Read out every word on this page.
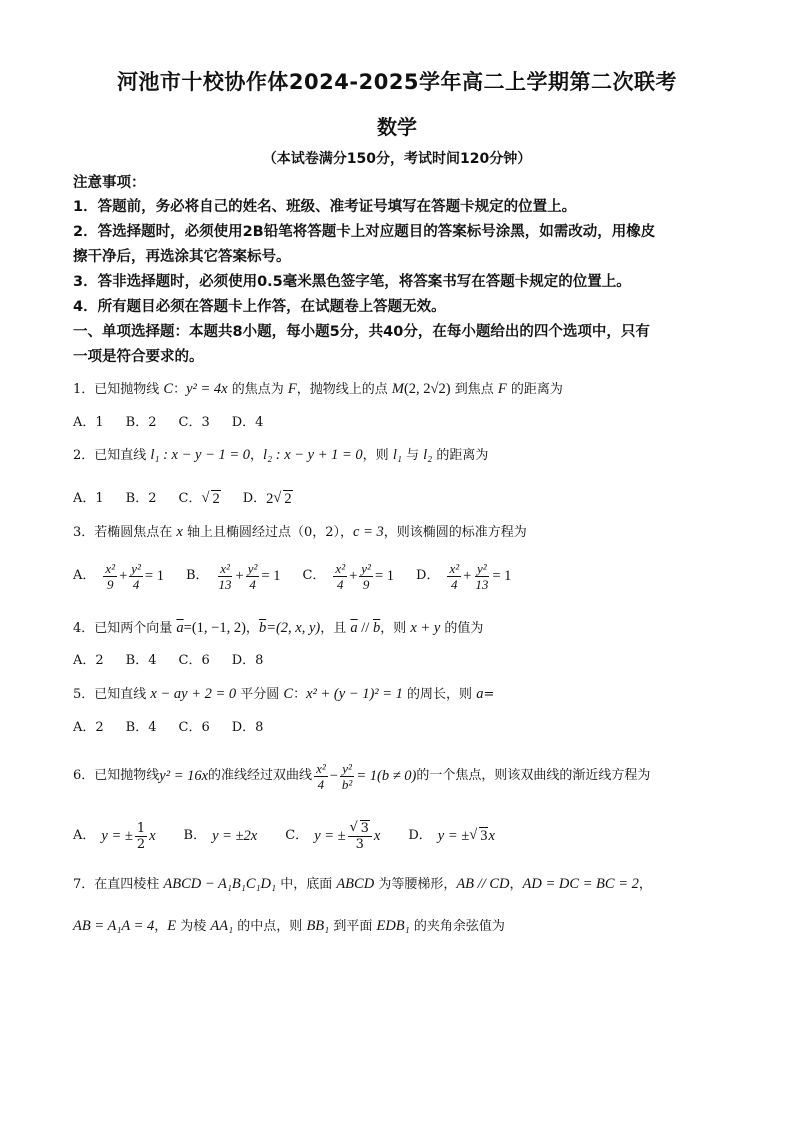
河池市十校协作体2024-2025学年高二上学期第二次联考
数学
（本试卷满分150分，考试时间120分钟）
注意事项：
1．答题前，务必将自己的姓名、班级、准考证号填写在答题卡规定的位置上。
2．答选择题时，必须使用2B铅笔将答题卡上对应题目的答案标号涂黑，如需改动，用橡皮
擦干净后，再选涂其它答案标号。
3．答非选择题时，必须使用0.5毫米黑色签字笔，将答案书写在答题卡规定的位置上。
4．所有题目必须在答题卡上作答，在试题卷上答题无效。
一、单项选择题：本题共8小题，每小题5分，共40分，在每小题给出的四个选项中，只有
一项是符合要求的。
1．已知抛物线 C：y² = 4x 的焦点为 F，抛物线上的点 M(2, 2√2) 到焦点 F 的距离为
A．1 B．2 C．3 D．4
2．已知直线 l₁ : x − y − 1 = 0，l₂ : x − y + 1 = 0，则 l₁ 与 l₂ 的距离为
A．1 B．2 C． √ 2 D． 2 √ 2
3．若椭圆焦点在 x 轴上且椭圆经过点（0，2），c = 3，则该椭圆的标准方程为
A． $\frac{\text{x²}}{9} + \frac{\text{y²}}{4} = 1$ B． $\frac{\text{x²}}{13} + \frac{\text{y²}}{4} = 1$ C． $\frac{\text{x²}}{4} + \frac{\text{y²}}{9} = 1$ D． $\frac{\text{x²}}{4} + \frac{\text{y²}}{13} = 1$
4．已知两个向量 $\overline{a}=(1$, −1, 2)，$\overline{b}=(2$, x, y)，且 $\overline{a} // \overline{b}$，则 x + y 的值为
A．2 B．4 C．6 D．8
5．已知直线 x − ay + 2 = 0 平分圆 C：x² + (y − 1)² = 1 的周长，则 a=
A．2 B．4 C．6 D．8
6．已知抛物线 y² = 16x 的准线经过双曲线 $\frac{\text{x²}}{4} - \frac{\text{y²}}{\text{b²}} = 1(b \ne 0)$ 的一个焦点，则该双曲线的渐近线方程为
A． y = ± $\frac{1}{2}$ x B． y = ±2x C． y = ± √ $\frac{3}{3}$ x D． y = ± √ 3 x
7．在直四棱柱 ABCD − A₁B₁C₁D₁ 中，底面 ABCD 为等腰梯形，AB // CD，AD = DC = BC = 2，
AB = A₁A = 4，E 为棱 AA₁ 的中点，则 BB₁ 到平面 EDB₁ 的夹角余弦值为
